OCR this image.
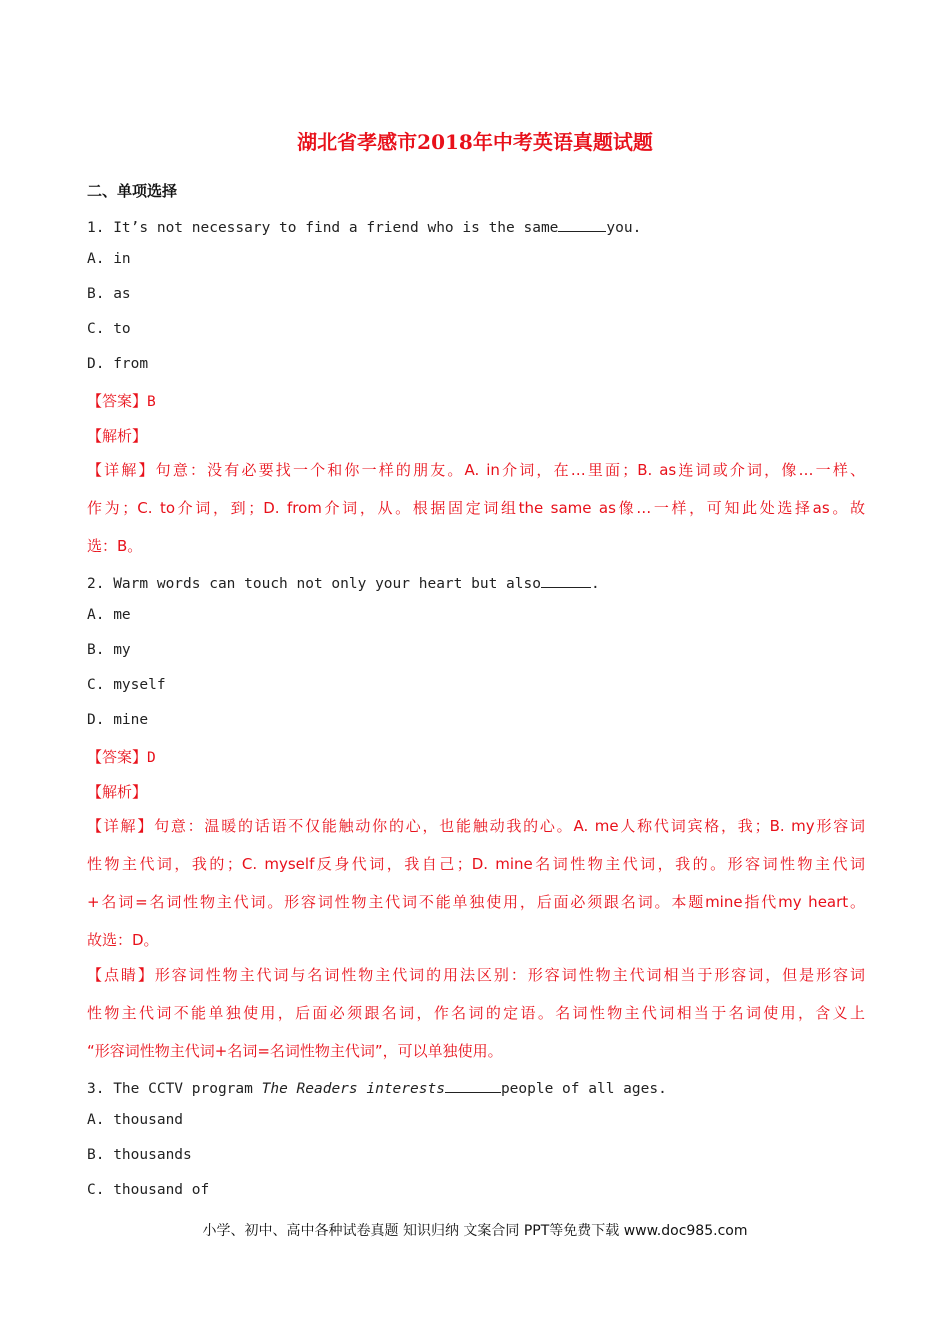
湖北省孝感市2018年中考英语真题试题
二、单项选择
1. It’s not necessary to find a friend who is the same	you.
A. in
B. as
C. to
D. from
【答案】B
【解析】
【详解】句意：没有必要找一个和你一样的朋友。A. in介词，在…里面；B. as连词或介词，像…一样、
作为；C. to介词，到；D. from介词，从。根据固定词组the same as像…一样，可知此处选择as。故
选：B。
2. Warm words can touch not only your heart but also	.
A. me
B. my
C. myself
D. mine
【答案】D
【解析】
【详解】句意：温暖的话语不仅能触动你的心，也能触动我的心。A. me人称代词宾格，我；B. my形容词
性物主代词，我的；C. myself反身代词，我自己；D. mine名词性物主代词，我的。形容词性物主代词
+名词=名词性物主代词。形容词性物主代词不能单独使用，后面必须跟名词。本题mine指代my heart。
故选：D。
【点睛】形容词性物主代词与名词性物主代词的用法区别：形容词性物主代词相当于形容词，但是形容词
性物主代词不能单独使用，后面必须跟名词，作名词的定语。名词性物主代词相当于名词使用，含义上
“形容词性物主代词+名词=名词性物主代词”，可以单独使用。
3. The CCTV program The Readers interests	people of all ages.
A. thousand
B. thousands
C. thousand of
小学、初中、高中各种试卷真题 知识归纳 文案合同 PPT等免费下载 www.doc985.com
